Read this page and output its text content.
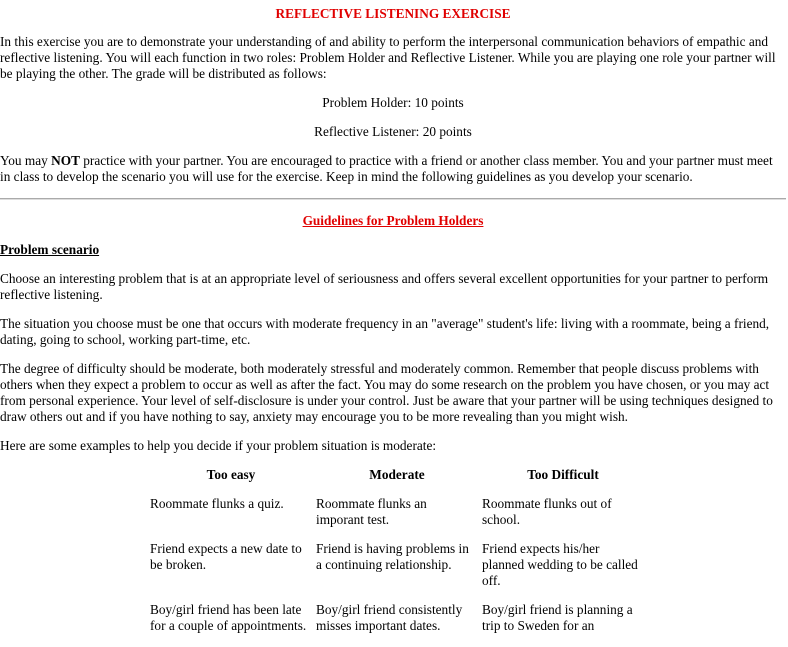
REFLECTIVE LISTENING EXERCISE

In this exercise you are to demonstrate your understanding of and ability to perform the interpersonal communication behaviors of empathic and reflective listening. You will each function in two roles: Problem Holder and Reflective Listener. While you are playing one role your partner will be playing the other. The grade will be distributed as follows:

Problem Holder: 10 points

Reflective Listener: 20 points

You may NOT practice with your partner. You are encouraged to practice with a friend or another class member. You and your partner must meet in class to develop the scenario you will use for the exercise. Keep in mind the following guidelines as you develop your scenario.

Guidelines for Problem Holders
Problem scenario

Choose an interesting problem that is at an appropriate level of seriousness and offers several excellent opportunities for your partner to perform reflective listening.

The situation you choose must be one that occurs with moderate frequency in an "average" student's life: living with a roommate, being a friend, dating, going to school, working part-time, etc.

The degree of difficulty should be moderate, both moderately stressful and moderately common. Remember that people discuss problems with others when they expect a problem to occur as well as after the fact. You may do some research on the problem you have chosen, or you may act from personal experience. Your level of self-disclosure is under your control. Just be aware that your partner will be using techniques designed to draw others out and if you have nothing to say, anxiety may encourage you to be more revealing than you might wish.

Here are some examples to help you decide if your problem situation is moderate:

Too easy	Moderate	Too Difficult
Roommate flunks a quiz.	Roommate flunks an imporant test.	Roommate flunks out of school.
Friend expects a new date to be broken.	Friend is having problems in a continuing relationship.	Friend expects his/her planned wedding to be called off.
Boy/girl friend has been late for a couple of appointments.	Boy/girl friend consistently misses important dates.	Boy/girl friend is planning a trip to Sweden for an
